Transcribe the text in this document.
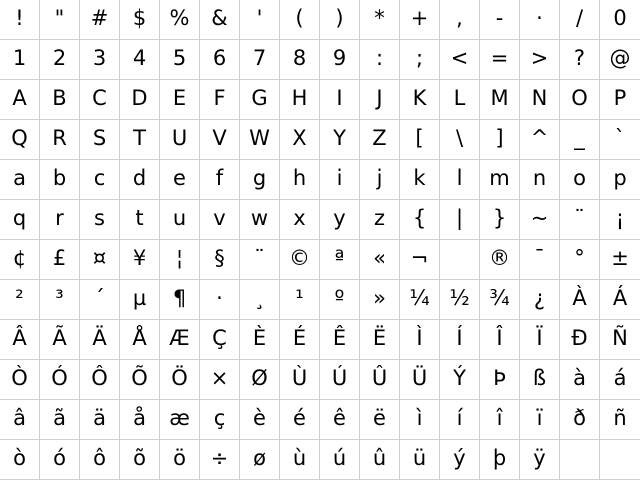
! " # $ % & ' ( ) * + , - · / 0
1 2 3 4 5 6 7 8 9 : ; < = > ? @
A B C D E F G H I J K L M N O P
Q R S T U V W X Y Z [ \ ] ^ _ `
a b c d e f g h i j k l m n o p
q r s t u v w x y z { | } ~ ¨ ¡
¢ £ ¤ ¥ ¦ § ¨ © ª « ¬	® ¯ ° ±
² ³ ´ µ ¶ · ¸ ¹ º » ¼ ½ ¾ ¿ À Á
Â Ã Ä Å Æ Ç È É Ê Ë Ì Í Î Ï Ð Ñ
Ò Ó Ô Õ Ö × Ø Ù Ú Û Ü Ý Þ ß à á
â ã ä å æ ç è é ê ë ì í î ï ð ñ
ò ó ô õ ö ÷ ø ù ú û ü ý þ ÿ
